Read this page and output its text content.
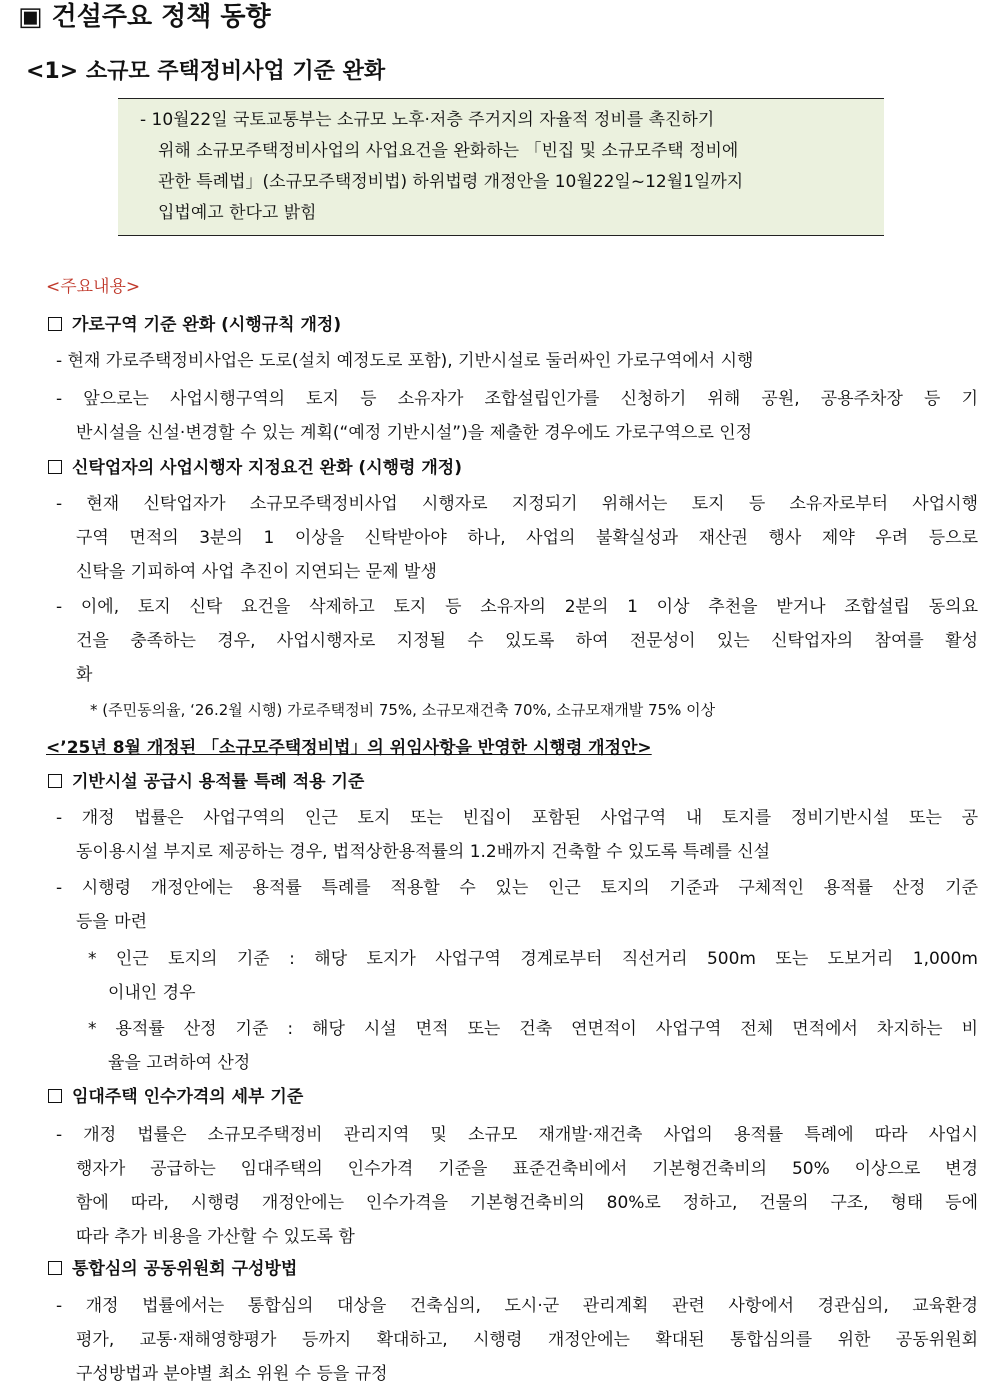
▣ 건설주요 정책 동향
<1> 소규모 주택정비사업 기준 완화
- 10월22일 국토교통부는 소규모 노후·저층 주거지의 자율적 정비를 촉진하기
위해 소규모주택정비사업의 사업요건을 완화하는 「빈집 및 소규모주택 정비에
관한 특례법」(소규모주택정비법) 하위법령 개정안을 10월22일~12월1일까지
입법예고 한다고 밝힘
<주요내용>
가로구역 기준 완화 (시행규칙 개정)
- 현재 가로주택정비사업은 도로(설치 예정도로 포함), 기반시설로 둘러싸인 가로구역에서 시행
- 앞으로는 사업시행구역의 토지 등 소유자가 조합설립인가를 신청하기 위해 공원, 공용주차장 등 기
반시설을 신설·변경할 수 있는 계획(“예정 기반시설”)을 제출한 경우에도 가로구역으로 인정
신탁업자의 사업시행자 지정요건 완화 (시행령 개정)
- 현재 신탁업자가 소규모주택정비사업 시행자로 지정되기 위해서는 토지 등 소유자로부터 사업시행
구역 면적의 3분의 1 이상을 신탁받아야 하나, 사업의 불확실성과 재산권 행사 제약 우려 등으로
신탁을 기피하여 사업 추진이 지연되는 문제 발생
- 이에, 토지 신탁 요건을 삭제하고 토지 등 소유자의 2분의 1 이상 추천을 받거나 조합설립 동의요
건을 충족하는 경우, 사업시행자로 지정될 수 있도록 하여 전문성이 있는 신탁업자의 참여를 활성
화
* (주민동의율, ‘26.2월 시행) 가로주택정비 75%, 소규모재건축 70%, 소규모재개발 75% 이상
<’25년 8월 개정된 「소규모주택정비법」의 위임사항을 반영한 시행령 개정안>
기반시설 공급시 용적률 특례 적용 기준
- 개정 법률은 사업구역의 인근 토지 또는 빈집이 포함된 사업구역 내 토지를 정비기반시설 또는 공
동이용시설 부지로 제공하는 경우, 법적상한용적률의 1.2배까지 건축할 수 있도록 특례를 신설
- 시행령 개정안에는 용적률 특례를 적용할 수 있는 인근 토지의 기준과 구체적인 용적률 산정 기준
등을 마련
* 인근 토지의 기준 : 해당 토지가 사업구역 경계로부터 직선거리 500m 또는 도보거리 1,000m
이내인 경우
* 용적률 산정 기준 : 해당 시설 면적 또는 건축 연면적이 사업구역 전체 면적에서 차지하는 비
율을 고려하여 산정
임대주택 인수가격의 세부 기준
- 개정 법률은 소규모주택정비 관리지역 및 소규모 재개발·재건축 사업의 용적률 특례에 따라 사업시
행자가 공급하는 임대주택의 인수가격 기준을 표준건축비에서 기본형건축비의 50% 이상으로 변경
함에 따라, 시행령 개정안에는 인수가격을 기본형건축비의 80%로 정하고, 건물의 구조, 형태 등에
따라 추가 비용을 가산할 수 있도록 함
통합심의 공동위원회 구성방법
- 개정 법률에서는 통합심의 대상을 건축심의, 도시·군 관리계획 관련 사항에서 경관심의, 교육환경
평가, 교통·재해영향평가 등까지 확대하고, 시행령 개정안에는 확대된 통합심의를 위한 공동위원회
구성방법과 분야별 최소 위원 수 등을 규정
